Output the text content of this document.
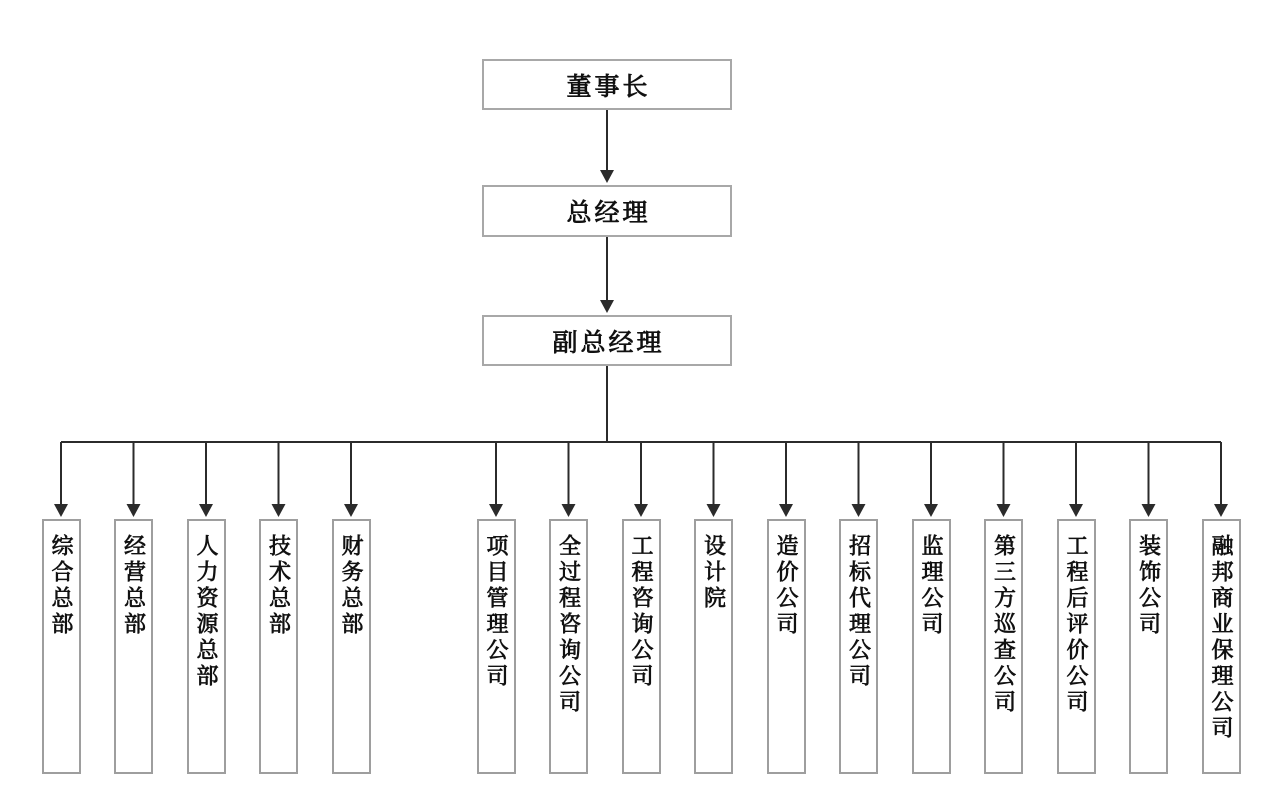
董事长
总经理
副总经理
综合总部 经营总部 人力资源总部 技术总部 财务总部	项目管理公司 全过程咨询公司 工程咨询公司 设计院 造价公司 招标代理公司 监理公司 第三方巡查公司 工程后评价公司 装饰公司 融邦商业保理公司
